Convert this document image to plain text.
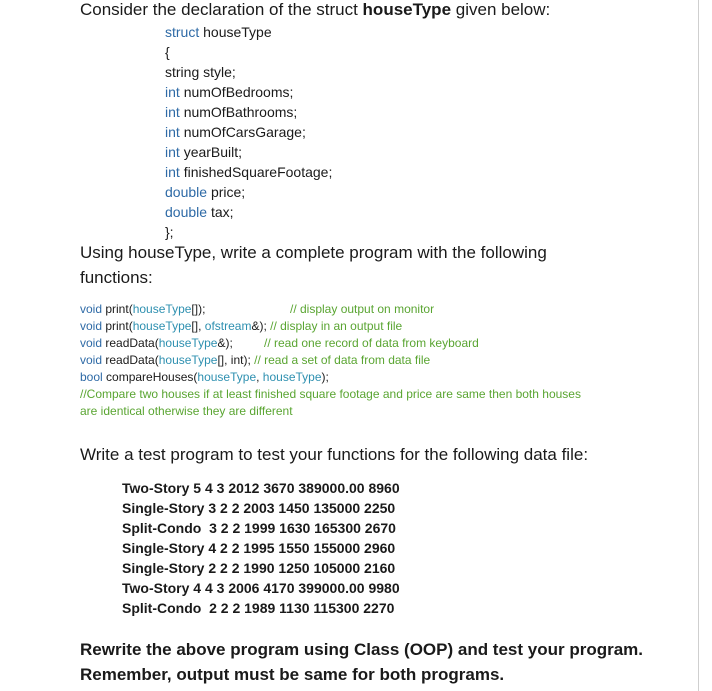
Consider the declaration of the struct houseType given below:
struct houseType
{
string style;
int numOfBedrooms;
int numOfBathrooms;
int numOfCarsGarage;
int yearBuilt;
int finishedSquareFootage;
double price;
double tax;
};
Using houseType, write a complete program with the following
functions:
void print(houseType[]);	// display output on monitor
void print(houseType[], ofstream&); // display in an output file
void readData(houseType&);	// read one record of data from keyboard
void readData(houseType[], int); // read a set of data from data file
bool compareHouses(houseType, houseType);
//Compare two houses if at least finished square footage and price are same then both houses
are identical otherwise they are different
Write a test program to test your functions for the following data file:
Two-Story 5 4 3 2012 3670 389000.00 8960
Single-Story 3 2 2 2003 1450 135000 2250
Split-Condo  3 2 2 1999 1630 165300 2670
Single-Story 4 2 2 1995 1550 155000 2960
Single-Story 2 2 2 1990 1250 105000 2160
Two-Story 4 4 3 2006 4170 399000.00 9980
Split-Condo  2 2 2 1989 1130 115300 2270
Rewrite the above program using Class (OOP) and test your program.
Remember, output must be same for both programs.
